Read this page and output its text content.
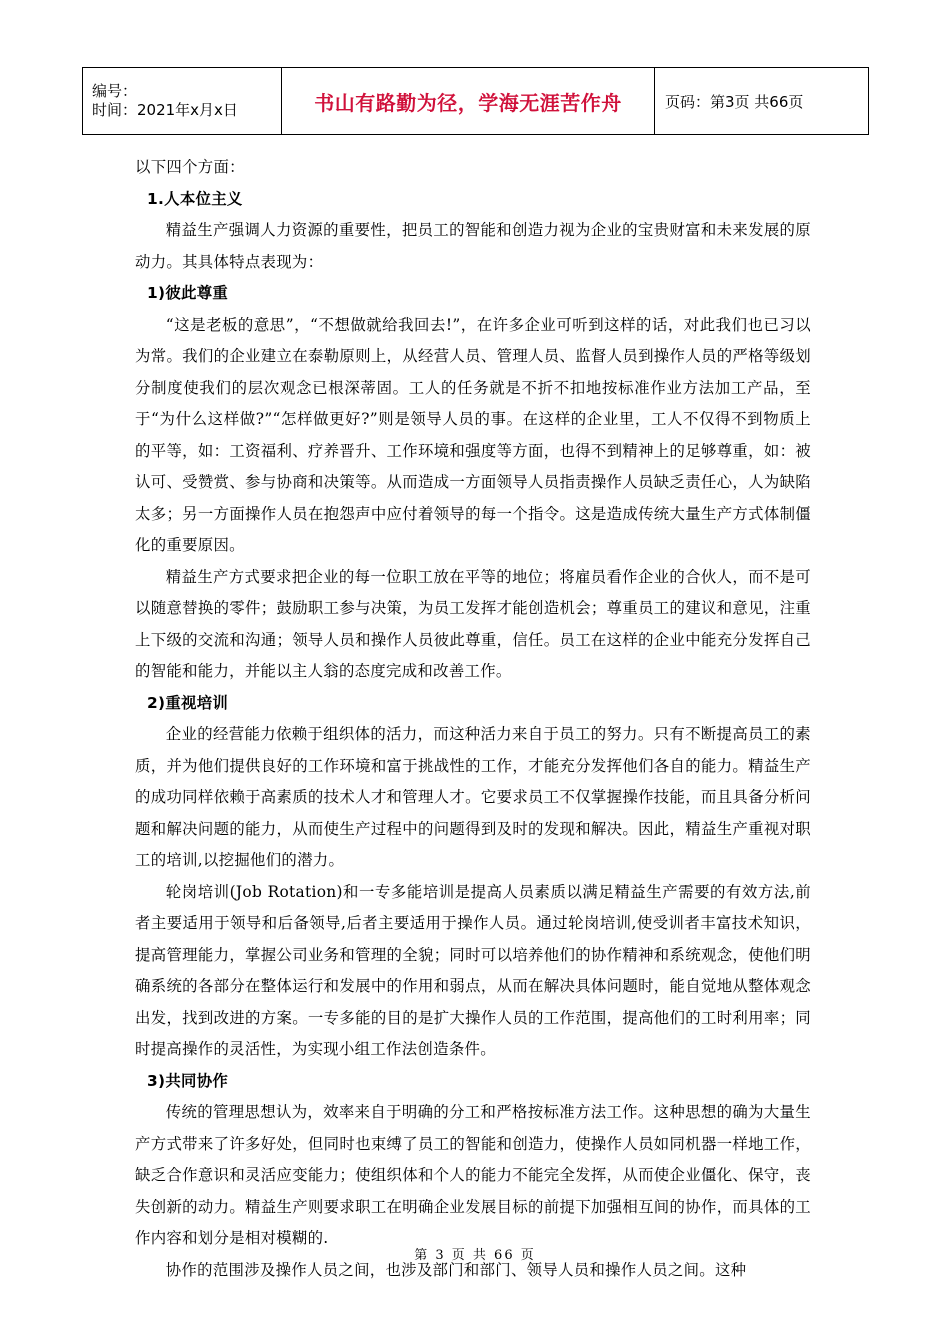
编号：
时间：2021年x月x日	书山有路勤为径，学海无涯苦作舟	页码：第3页 共66页

以下四个方面：

1.人本位主义

精益生产强调人力资源的重要性，把员工的智能和创造力视为企业的宝贵财富和未来发展的原动力。其具体特点表现为：

1)彼此尊重

“这是老板的意思”，“不想做就给我回去!”，在许多企业可听到这样的话，对此我们也已习以为常。我们的企业建立在泰勒原则上，从经营人员、管理人员、监督人员到操作人员的严格等级划分制度使我们的层次观念已根深蒂固。工人的任务就是不折不扣地按标准作业方法加工产品，至于“为什么这样做?”“怎样做更好?”则是领导人员的事。在这样的企业里，工人不仅得不到物质上的平等，如：工资福利、疗养晋升、工作环境和强度等方面，也得不到精神上的足够尊重，如：被认可、受赞赏、参与协商和决策等。从而造成一方面领导人员指责操作人员缺乏责任心，人为缺陷太多；另一方面操作人员在抱怨声中应付着领导的每一个指令。这是造成传统大量生产方式体制僵化的重要原因。

精益生产方式要求把企业的每一位职工放在平等的地位；将雇员看作企业的合伙人，而不是可以随意替换的零件；鼓励职工参与决策，为员工发挥才能创造机会；尊重员工的建议和意见，注重上下级的交流和沟通；领导人员和操作人员彼此尊重，信任。员工在这样的企业中能充分发挥自己的智能和能力，并能以主人翁的态度完成和改善工作。

2)重视培训

企业的经营能力依赖于组织体的活力，而这种活力来自于员工的努力。只有不断提高员工的素质，并为他们提供良好的工作环境和富于挑战性的工作，才能充分发挥他们各自的能力。精益生产的成功同样依赖于高素质的技术人才和管理人才。它要求员工不仅掌握操作技能，而且具备分析问题和解决问题的能力，从而使生产过程中的问题得到及时的发现和解决。因此，精益生产重视对职工的培训,以挖掘他们的潜力。

轮岗培训(Job Rotation)和一专多能培训是提高人员素质以满足精益生产需要的有效方法,前者主要适用于领导和后备领导,后者主要适用于操作人员。通过轮岗培训,使受训者丰富技术知识，提高管理能力，掌握公司业务和管理的全貌；同时可以培养他们的协作精神和系统观念，使他们明确系统的各部分在整体运行和发展中的作用和弱点，从而在解决具体问题时，能自觉地从整体观念出发，找到改进的方案。一专多能的目的是扩大操作人员的工作范围，提高他们的工时利用率；同时提高操作的灵活性，为实现小组工作法创造条件。

3)共同协作

传统的管理思想认为，效率来自于明确的分工和严格按标准方法工作。这种思想的确为大量生产方式带来了许多好处，但同时也束缚了员工的智能和创造力，使操作人员如同机器一样地工作，缺乏合作意识和灵活应变能力；使组织体和个人的能力不能完全发挥，从而使企业僵化、保守，丧失创新的动力。精益生产则要求职工在明确企业发展目标的前提下加强相互间的协作，而具体的工作内容和划分是相对模糊的.

协作的范围涉及操作人员之间，也涉及部门和部门、领导人员和操作人员之间。这种

第 3 页 共 66 页
